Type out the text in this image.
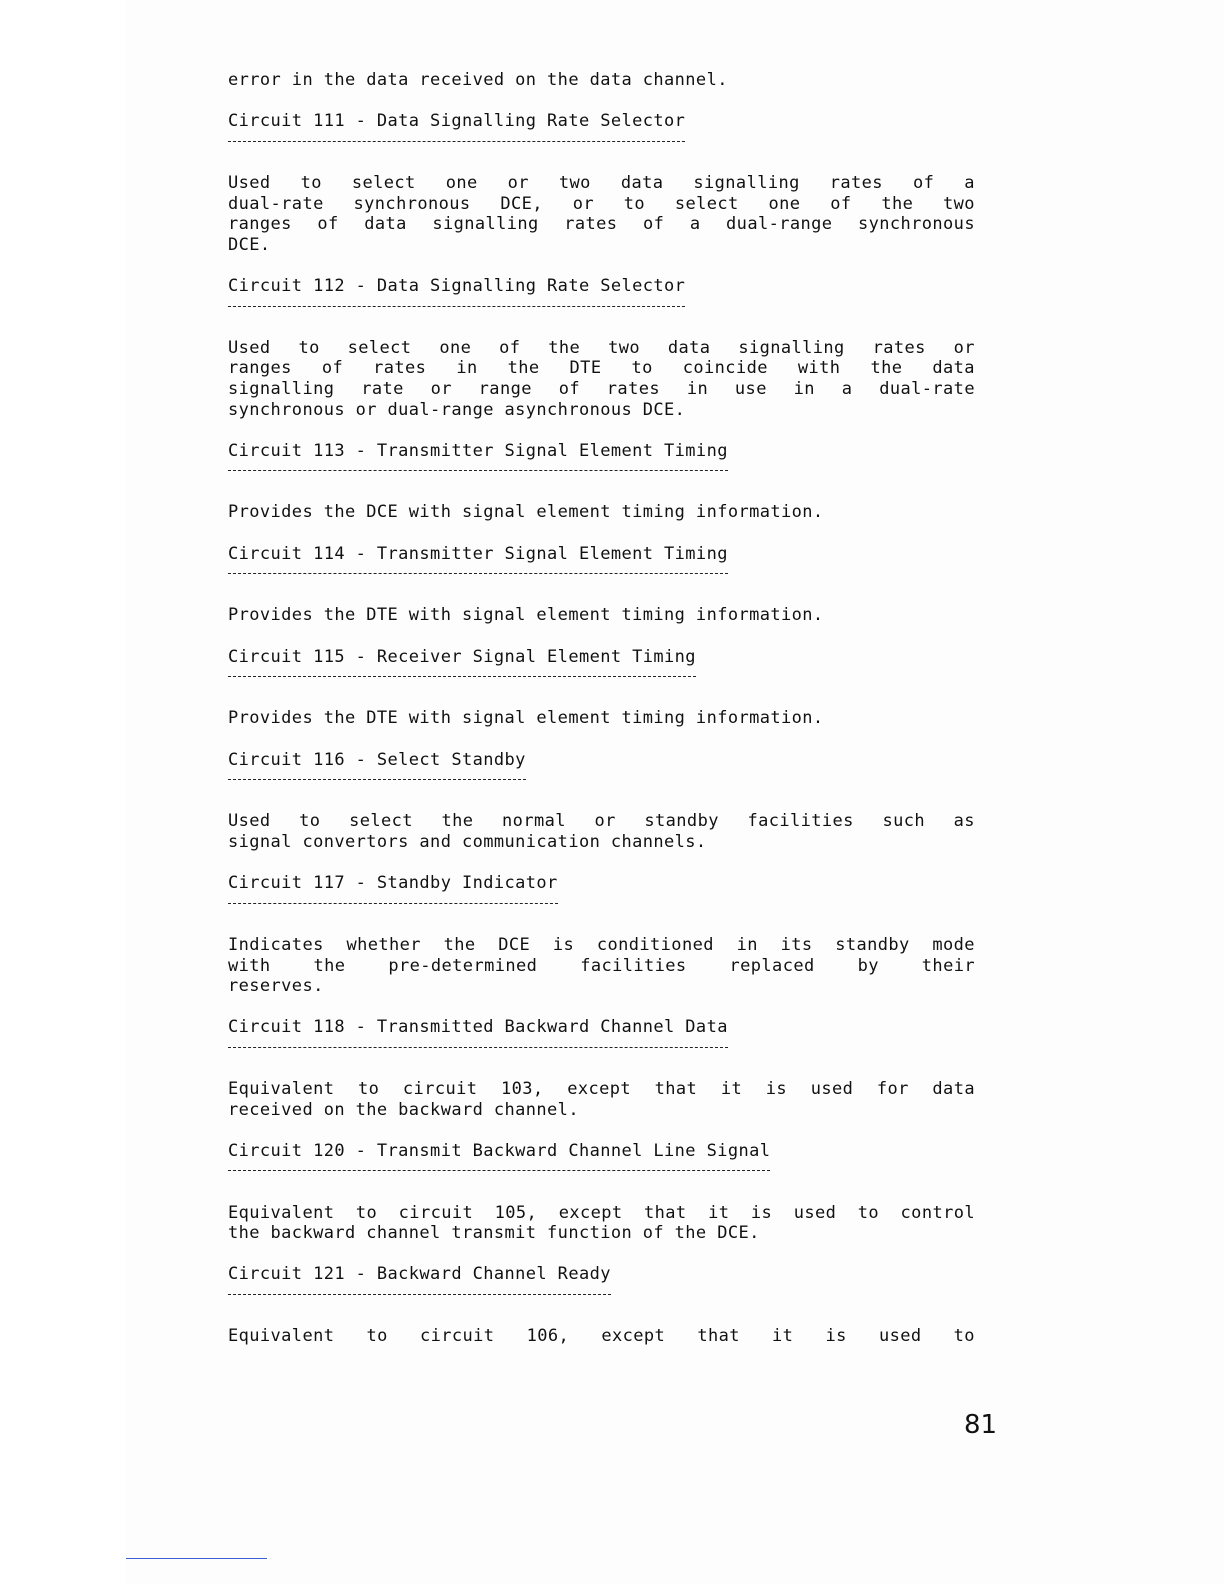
error in the data received on the data channel.
Circuit 111 - Data Signalling Rate Selector
Used to select one or two data signalling rates of a
dual-rate synchronous DCE, or to select one of the two
ranges of data signalling rates of a dual-range synchronous
DCE.
Circuit 112 - Data Signalling Rate Selector
Used to select one of the two data signalling rates or
ranges of rates in the DTE to coincide with the data
signalling rate or range of rates in use in a dual-rate
synchronous or dual-range asynchronous DCE.
Circuit 113 - Transmitter Signal Element Timing
Provides the DCE with signal element timing information.
Circuit 114 - Transmitter Signal Element Timing
Provides the DTE with signal element timing information.
Circuit 115 - Receiver Signal Element Timing
Provides the DTE with signal element timing information.
Circuit 116 - Select Standby
Used to select the normal or standby facilities such as
signal convertors and communication channels.
Circuit 117 - Standby Indicator
Indicates whether the DCE is conditioned in its standby mode
with	the	pre-determined	facilities	replaced	by	their
reserves.
Circuit 118 - Transmitted Backward Channel Data
Equivalent to circuit 103, except that it is used for data
received on the backward channel.
Circuit 120 - Transmit Backward Channel Line Signal
Equivalent to circuit 105, except that it is used to control
the backward channel transmit function of the DCE.
Circuit 121 - Backward Channel Ready
Equivalent to circuit 106, except that it is used to
81
